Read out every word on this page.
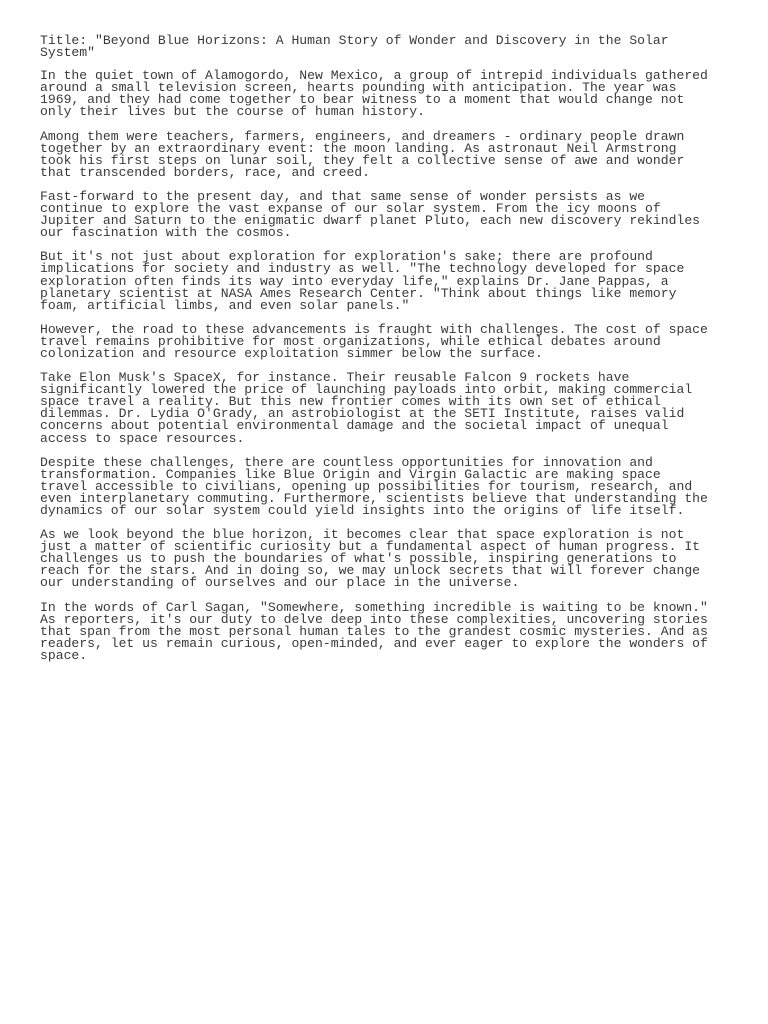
Title: "Beyond Blue Horizons: A Human Story of Wonder and Discovery in the Solar
System"

In the quiet town of Alamogordo, New Mexico, a group of intrepid individuals gathered
around a small television screen, hearts pounding with anticipation. The year was
1969, and they had come together to bear witness to a moment that would change not
only their lives but the course of human history.

Among them were teachers, farmers, engineers, and dreamers - ordinary people drawn
together by an extraordinary event: the moon landing. As astronaut Neil Armstrong
took his first steps on lunar soil, they felt a collective sense of awe and wonder
that transcended borders, race, and creed.

Fast-forward to the present day, and that same sense of wonder persists as we
continue to explore the vast expanse of our solar system. From the icy moons of
Jupiter and Saturn to the enigmatic dwarf planet Pluto, each new discovery rekindles
our fascination with the cosmos.

But it's not just about exploration for exploration's sake; there are profound
implications for society and industry as well. "The technology developed for space
exploration often finds its way into everyday life," explains Dr. Jane Pappas, a
planetary scientist at NASA Ames Research Center. "Think about things like memory
foam, artificial limbs, and even solar panels."

However, the road to these advancements is fraught with challenges. The cost of space
travel remains prohibitive for most organizations, while ethical debates around
colonization and resource exploitation simmer below the surface.

Take Elon Musk's SpaceX, for instance. Their reusable Falcon 9 rockets have
significantly lowered the price of launching payloads into orbit, making commercial
space travel a reality. But this new frontier comes with its own set of ethical
dilemmas. Dr. Lydia O'Grady, an astrobiologist at the SETI Institute, raises valid
concerns about potential environmental damage and the societal impact of unequal
access to space resources.

Despite these challenges, there are countless opportunities for innovation and
transformation. Companies like Blue Origin and Virgin Galactic are making space
travel accessible to civilians, opening up possibilities for tourism, research, and
even interplanetary commuting. Furthermore, scientists believe that understanding the
dynamics of our solar system could yield insights into the origins of life itself.

As we look beyond the blue horizon, it becomes clear that space exploration is not
just a matter of scientific curiosity but a fundamental aspect of human progress. It
challenges us to push the boundaries of what's possible, inspiring generations to
reach for the stars. And in doing so, we may unlock secrets that will forever change
our understanding of ourselves and our place in the universe.

In the words of Carl Sagan, "Somewhere, something incredible is waiting to be known."
As reporters, it's our duty to delve deep into these complexities, uncovering stories
that span from the most personal human tales to the grandest cosmic mysteries. And as
readers, let us remain curious, open-minded, and ever eager to explore the wonders of
space.
